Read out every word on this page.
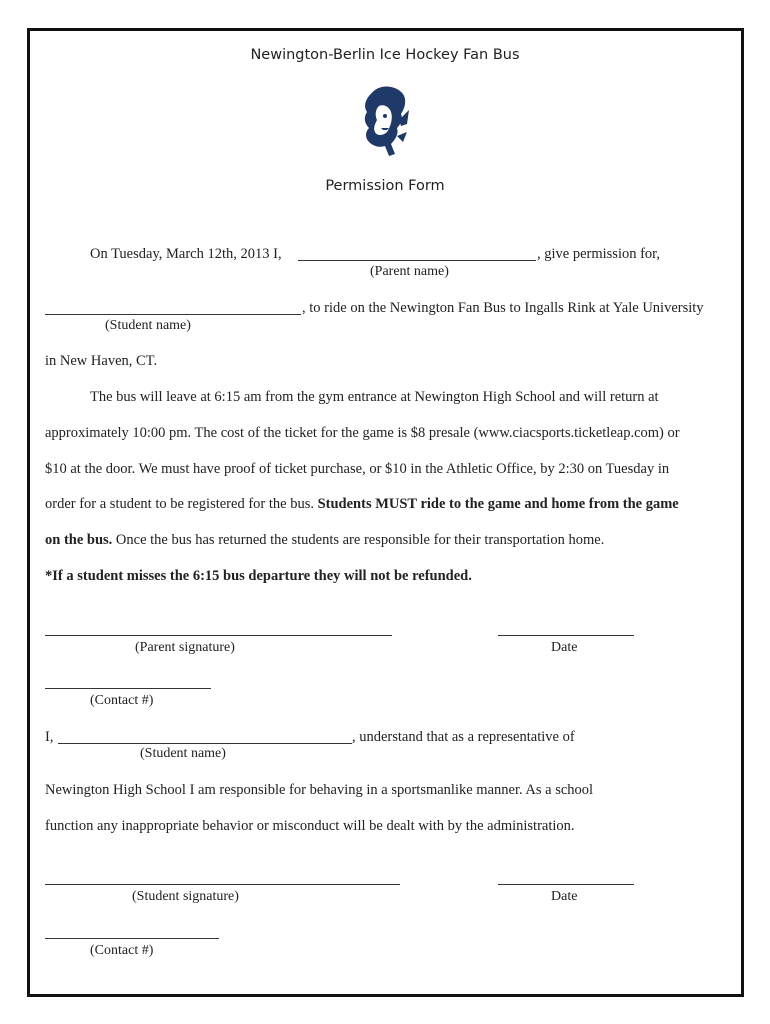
Newington-Berlin Ice Hockey Fan Bus
Permission Form
On Tuesday, March 12th, 2013 I,	, give permission for,
(Parent name)
, to ride on the Newington Fan Bus to Ingalls Rink at Yale University
(Student name)
in New Haven, CT.
The bus will leave at 6:15 am from the gym entrance at Newington High School and will return at
approximately 10:00 pm. The cost of the ticket for the game is $8 presale (www.ciacsports.ticketleap.com) or
$10 at the door. We must have proof of ticket purchase, or $10 in the Athletic Office, by 2:30 on Tuesday in
order for a student to be registered for the bus. Students MUST ride to the game and home from the game
on the bus. Once the bus has returned the students are responsible for their transportation home.
*If a student misses the 6:15 bus departure they will not be refunded.
(Parent signature)	Date
(Contact #)
I,	, understand that as a representative of
(Student name)
Newington High School I am responsible for behaving in a sportsmanlike manner. As a school
function any inappropriate behavior or misconduct will be dealt with by the administration.
(Student signature)	Date
(Contact #)
